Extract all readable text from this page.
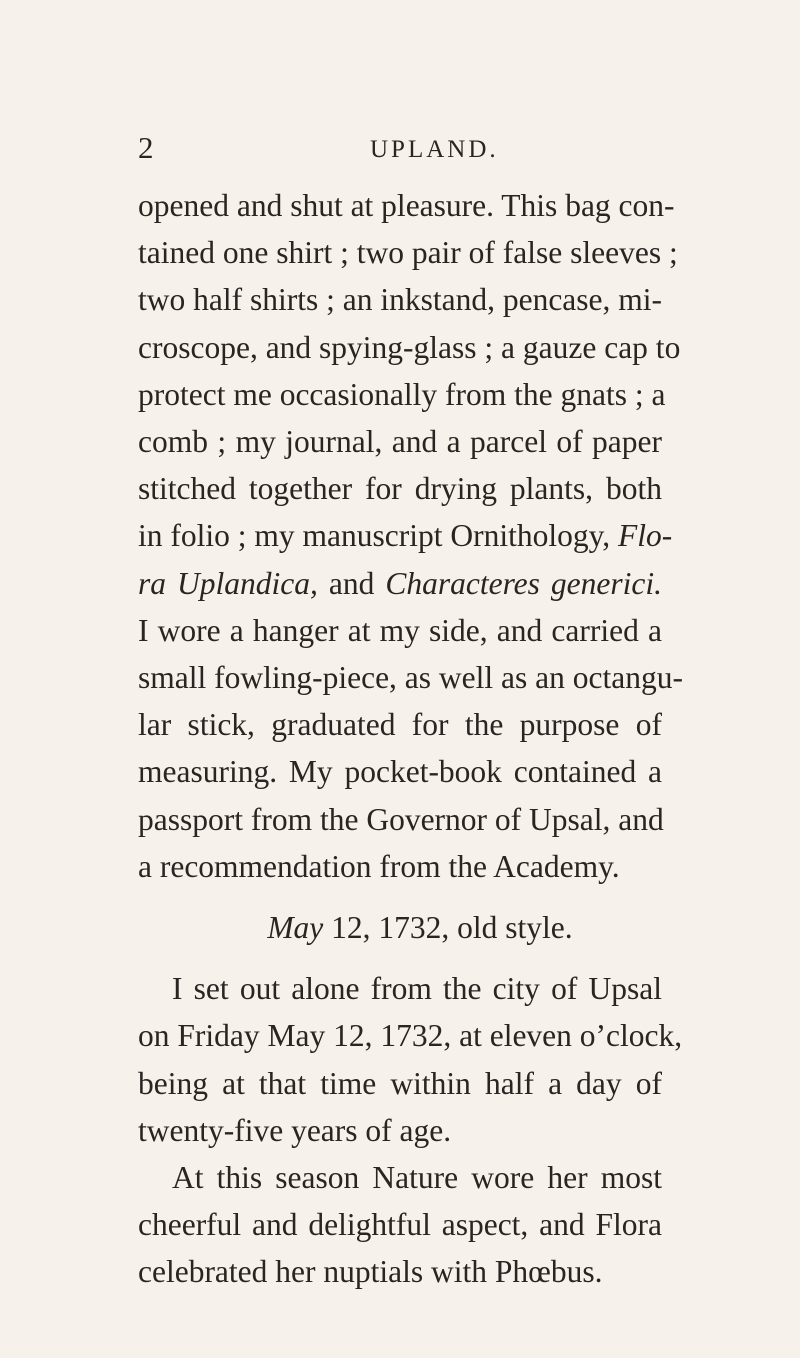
2	UPLAND.
opened and shut at pleasure. This bag con-
tained one shirt ; two pair of false sleeves ;
two half shirts ; an inkstand, pencase, mi-
croscope, and spying-glass ; a gauze cap to
protect me occasionally from the gnats ; a
comb ; my journal, and a parcel of paper
stitched together for drying plants, both
in folio ; my manuscript Ornithology, Flo-
ra Uplandica, and Characteres generici.
I wore a hanger at my side, and carried a
small fowling-piece, as well as an octangu-
lar stick, graduated for the purpose of
measuring. My pocket-book contained a
passport from the Governor of Upsal, and
a recommendation from the Academy.
May 12, 1732, old style.
I set out alone from the city of Upsal
on Friday May 12, 1732, at eleven o’clock,
being at that time within half a day of
twenty-five years of age.
At this season Nature wore her most
cheerful and delightful aspect, and Flora
celebrated her nuptials with Phœbus.
